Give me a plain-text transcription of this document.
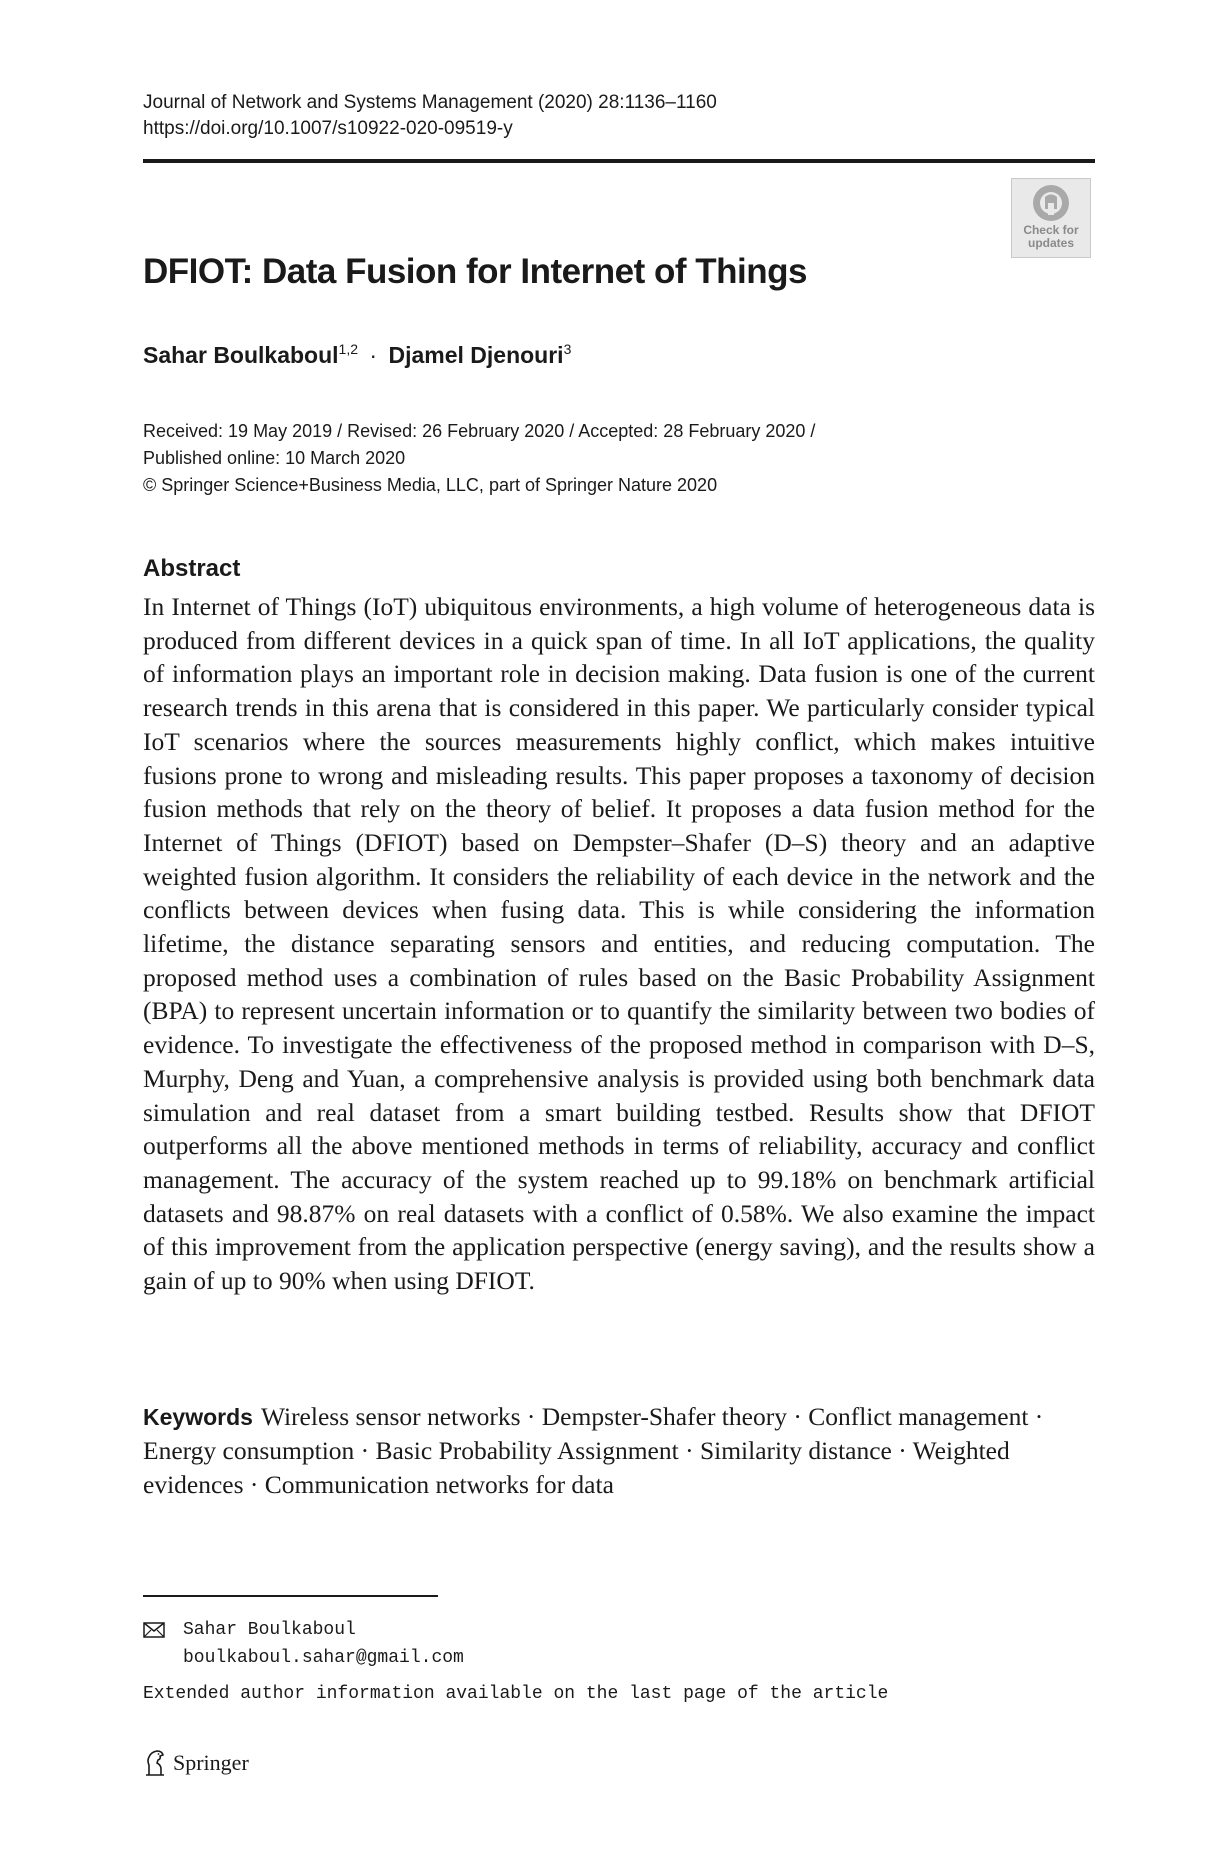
Journal of Network and Systems Management (2020) 28:1136–1160
https://doi.org/10.1007/s10922-020-09519-y
Check for
updates
DFIOT: Data Fusion for Internet of Things
Sahar Boulkaboul$^{1,2}$ · Djamel Djenouri$^3$
Received: 19 May 2019 / Revised: 26 February 2020 / Accepted: 28 February 2020 /
Published online: 10 March 2020
© Springer Science+Business Media, LLC, part of Springer Nature 2020
Abstract

In Internet of Things (IoT) ubiquitous environments, a high volume of heterogeneous data is produced from different devices in a quick span of time. In all IoT applications, the quality of information plays an important role in decision making. Data fusion is one of the current research trends in this arena that is considered in this paper. We particularly consider typical IoT scenarios where the sources measurements highly conflict, which makes intuitive fusions prone to wrong and misleading results. This paper proposes a taxonomy of decision fusion methods that rely on the theory of belief. It proposes a data fusion method for the Internet of Things (DFIOT) based on Dempster–Shafer (D–S) theory and an adaptive weighted fusion algorithm. It considers the reliability of each device in the network and the conflicts between devices when fusing data. This is while considering the information lifetime, the distance separating sensors and entities, and reducing computation. The proposed method uses a combination of rules based on the Basic Probability Assignment (BPA) to represent uncertain information or to quantify the similarity between two bodies of evidence. To investigate the effectiveness of the proposed method in comparison with D–S, Murphy, Deng and Yuan, a comprehensive analysis is provided using both benchmark data simulation and real dataset from a smart building testbed. Results show that DFIOT outperforms all the above mentioned methods in terms of reliability, accuracy and conflict management. The accuracy of the system reached up to 99.18% on benchmark artificial datasets and 98.87% on real datasets with a conflict of 0.58%. We also examine the impact of this improvement from the application perspective (energy saving), and the results show a gain of up to 90% when using DFIOT.

Keywords Wireless sensor networks · Dempster-Shafer theory · Conflict management · Energy consumption · Basic Probability Assignment · Similarity distance · Weighted evidences · Communication networks for data

Sahar Boulkaboul
boulkaboul.sahar@gmail.com
Extended author information available on the last page of the article
Springer
